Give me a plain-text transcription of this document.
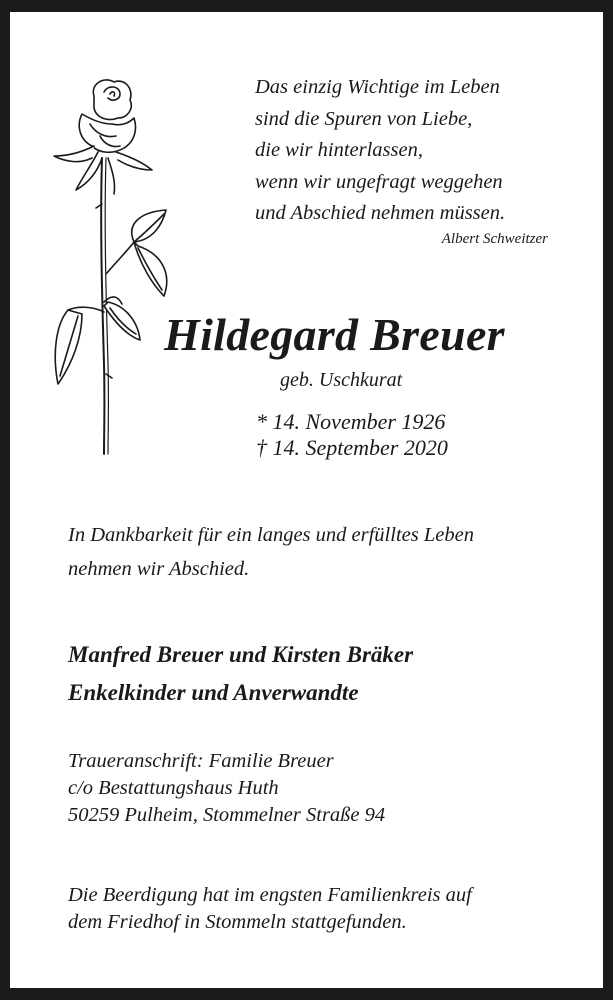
Das einzig Wichtige im Leben
sind die Spuren von Liebe,
die wir hinterlassen,
wenn wir ungefragt weggehen
und Abschied nehmen müssen.
Albert Schweitzer
Hildegard Breuer
geb. Uschkurat
* 14. November 1926
† 14. September 2020
In Dankbarkeit für ein langes und erfülltes Leben
nehmen wir Abschied.
Manfred Breuer und Kirsten Bräker
Enkelkinder und Anverwandte
Traueranschrift: Familie Breuer
c/o Bestattungshaus Huth
50259 Pulheim, Stommelner Straße 94
Die Beerdigung hat im engsten Familienkreis auf
dem Friedhof in Stommeln stattgefunden.
